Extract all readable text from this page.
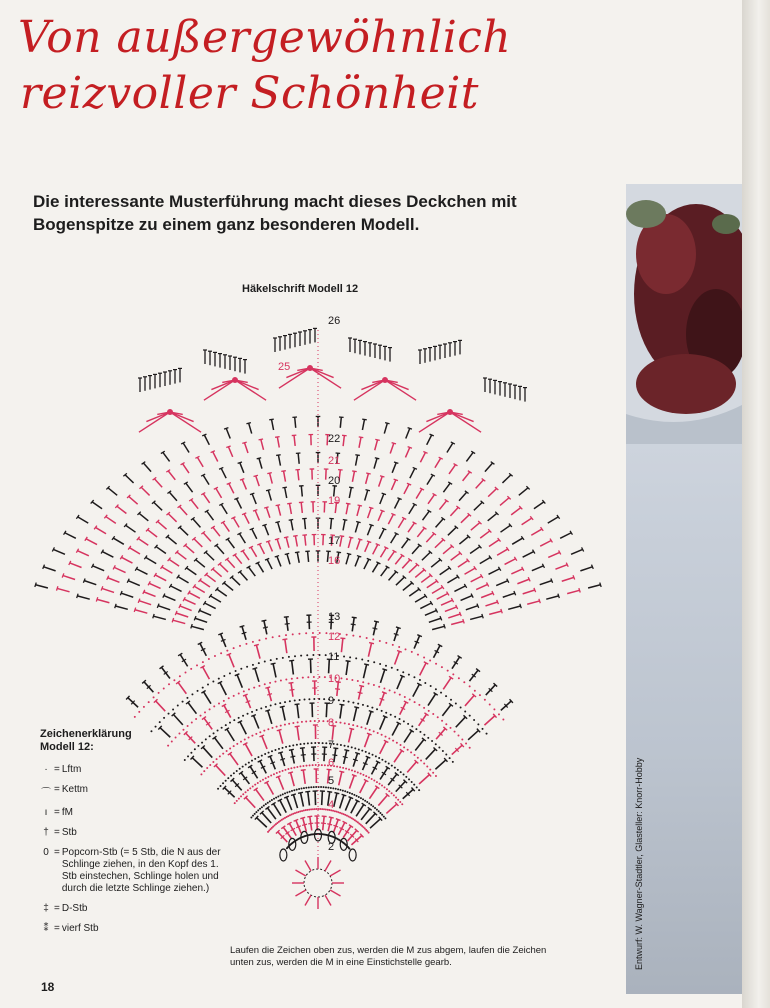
Von außergewöhnlich
reizvoller Schönheit

Die interessante Musterführung macht dieses Deckchen mit Bogenspitze zu einem ganz besonderen Modell.

Häkelschrift Modell 12

26
25
22
21
20
19
17
16
13
12
11
10
9
8
7
6
5
4
2

Zeichenerklärung
Modell 12:

· = Lftm
⌒ = Kettm
ı = fM
† = Stb
0 = Popcorn-Stb (= 5 Stb, die N aus der Schlinge ziehen, in den Kopf des 1. Stb einstechen, Schlinge holen und durch die letzte Schlinge ziehen.)
‡ = D-Stb
⁑ = vierf Stb

Laufen die Zeichen oben zus, werden die M zus abgem, laufen die Zeichen unten zus, werden die M in eine Einstichstelle gearb.

18
Entwurf: W. Wagner-Stadtler, Glasteller: Knorr-Hobby
